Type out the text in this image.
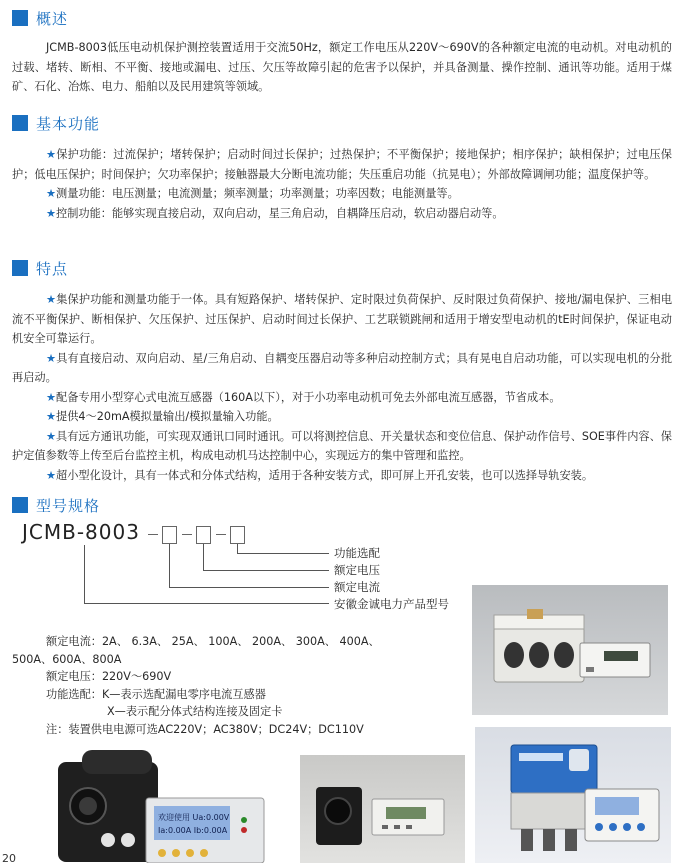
概述

JCMB-8003低压电动机保护测控装置适用于交流50Hz，额定工作电压从220V～690V的各种额定电流的电动机。对电动机的过载、堵转、断相、不平衡、接地或漏电、过压、欠压等故障引起的危害予以保护，并具备测量、操作控制、通讯等功能。适用于煤矿、石化、冶炼、电力、船舶以及民用建筑等领域。

基本功能

★保护功能：过流保护；堵转保护；启动时间过长保护；过热保护；不平衡保护；接地保护；相序保护；缺相保护；过电压保护；低电压保护；时间保护；欠功率保护；接触器最大分断电流功能；失压重启功能（抗晃电）；外部故障调闸功能；温度保护等。

★测量功能：电压测量；电流测量；频率测量；功率测量；功率因数；电能测量等。

★控制功能：能够实现直接启动，双向启动，星三角启动，自耦降压启动，软启动器启动等。

特点

★集保护功能和测量功能于一体。具有短路保护、堵转保护、定时限过负荷保护、反时限过负荷保护、接地/漏电保护、三相电流不平衡保护、断相保护、欠压保护、过压保护、启动时间过长保护、工艺联锁跳闸和适用于增安型电动机的tE时间保护，保证电动机安全可靠运行。

★具有直接启动、双向启动、星/三角启动、自耦变压器启动等多种启动控制方式；具有晃电自启动功能，可以实现电机的分批再启动。

★配备专用小型穿心式电流互感器（160A以下），对于小功率电动机可免去外部电流互感器，节省成本。

★提供4～20mA模拟量输出/模拟量输入功能。

★具有远方通讯功能，可实现双通讯口同时通讯。可以将测控信息、开关量状态和变位信息、保护动作信号、SOE事件内容、保护定值参数等上传至后台监控主机，构成电动机马达控制中心，实现远方的集中管理和监控。

★超小型化设计，具有一体式和分体式结构，适用于各种安装方式，即可屏上开孔安装，也可以选择导轨安装。

型号规格
JCMB-8003
功能选配
额定电压
额定电流
安徽金诚电力产品型号
额定电流：2A、 6.3A、 25A、 100A、 200A、 300A、 400A、
500A、600A、800A
额定电压：220V～690V
功能选配：K—表示选配漏电零序电流互感器
X—表示配分体式结构连接及固定卡
注：装置供电电源可选AC220V；AC380V；DC24V；DC110V
欢迎使用 Ua:0.00V
Ia:0.00A Ib:0.00A
20
